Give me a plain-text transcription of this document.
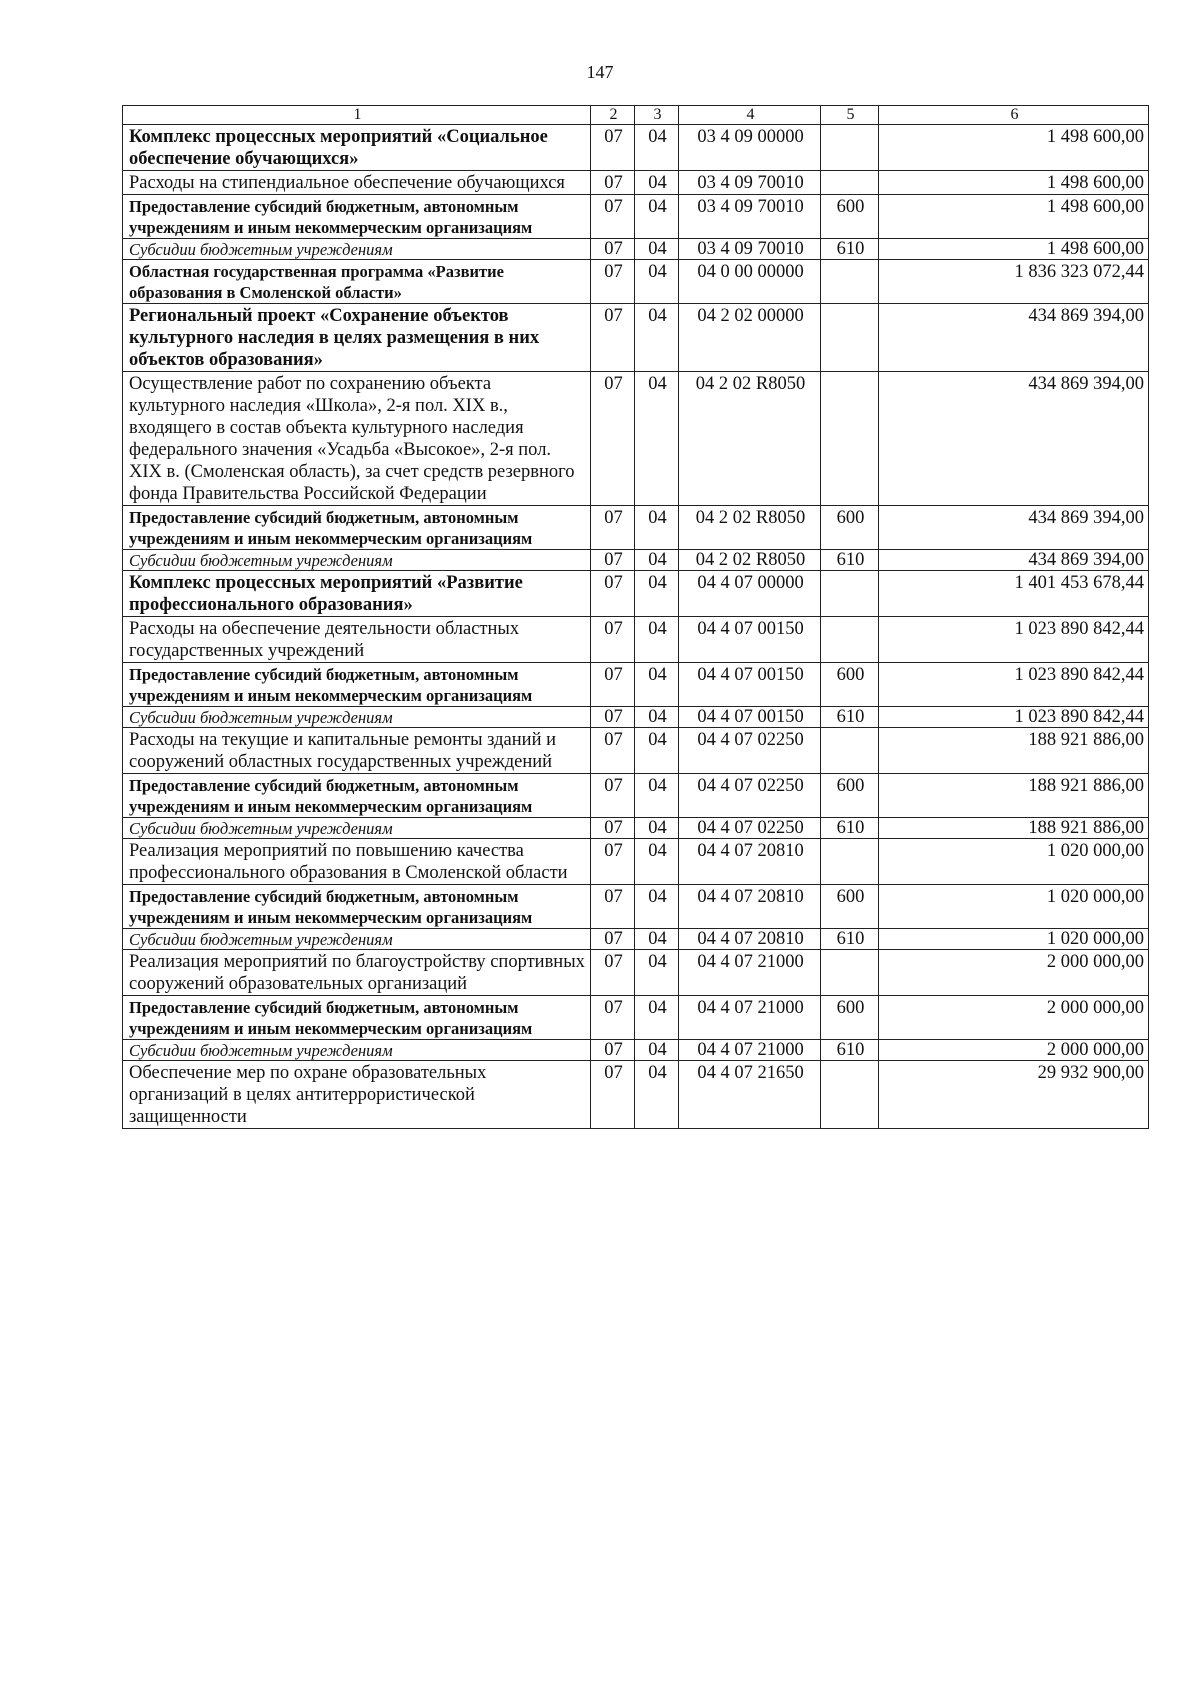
147
1	2	3	4	5	6
Комплекс процессных мероприятий «Социальное обеспечение обучающихся»	07	04	03 4 09 00000		1 498 600,00
Расходы на стипендиальное обеспечение обучающихся	07	04	03 4 09 70010		1 498 600,00
Предоставление субсидий бюджетным, автономным учреждениям и иным некоммерческим организациям	07	04	03 4 09 70010	600	1 498 600,00
Субсидии бюджетным учреждениям	07	04	03 4 09 70010	610	1 498 600,00
Областная государственная программа «Развитие образования в Смоленской области»	07	04	04 0 00 00000		1 836 323 072,44
Региональный проект «Сохранение объектов культурного наследия в целях размещения в них объектов образования»	07	04	04 2 02 00000		434 869 394,00
Осуществление работ по сохранению объекта культурного наследия «Школа», 2-я пол. XIX в., входящего в состав объекта культурного наследия федерального значения «Усадьба «Высокое», 2-я пол. XIX в. (Смоленская область), за счет средств резервного фонда Правительства Российской Федерации	07	04	04 2 02 R8050		434 869 394,00
Предоставление субсидий бюджетным, автономным учреждениям и иным некоммерческим организациям	07	04	04 2 02 R8050	600	434 869 394,00
Субсидии бюджетным учреждениям	07	04	04 2 02 R8050	610	434 869 394,00
Комплекс процессных мероприятий «Развитие профессионального образования»	07	04	04 4 07 00000		1 401 453 678,44
Расходы на обеспечение деятельности областных государственных учреждений	07	04	04 4 07 00150		1 023 890 842,44
Предоставление субсидий бюджетным, автономным учреждениям и иным некоммерческим организациям	07	04	04 4 07 00150	600	1 023 890 842,44
Субсидии бюджетным учреждениям	07	04	04 4 07 00150	610	1 023 890 842,44
Расходы на текущие и капитальные ремонты зданий и сооружений областных государственных учреждений	07	04	04 4 07 02250		188 921 886,00
Предоставление субсидий бюджетным, автономным учреждениям и иным некоммерческим организациям	07	04	04 4 07 02250	600	188 921 886,00
Субсидии бюджетным учреждениям	07	04	04 4 07 02250	610	188 921 886,00
Реализация мероприятий по повышению качества профессионального образования в Смоленской области	07	04	04 4 07 20810		1 020 000,00
Предоставление субсидий бюджетным, автономным учреждениям и иным некоммерческим организациям	07	04	04 4 07 20810	600	1 020 000,00
Субсидии бюджетным учреждениям	07	04	04 4 07 20810	610	1 020 000,00
Реализация мероприятий по благоустройству спортивных сооружений образовательных организаций	07	04	04 4 07 21000		2 000 000,00
Предоставление субсидий бюджетным, автономным учреждениям и иным некоммерческим организациям	07	04	04 4 07 21000	600	2 000 000,00
Субсидии бюджетным учреждениям	07	04	04 4 07 21000	610	2 000 000,00
Обеспечение мер по охране образовательных организаций в целях антитеррористической защищенности	07	04	04 4 07 21650		29 932 900,00
